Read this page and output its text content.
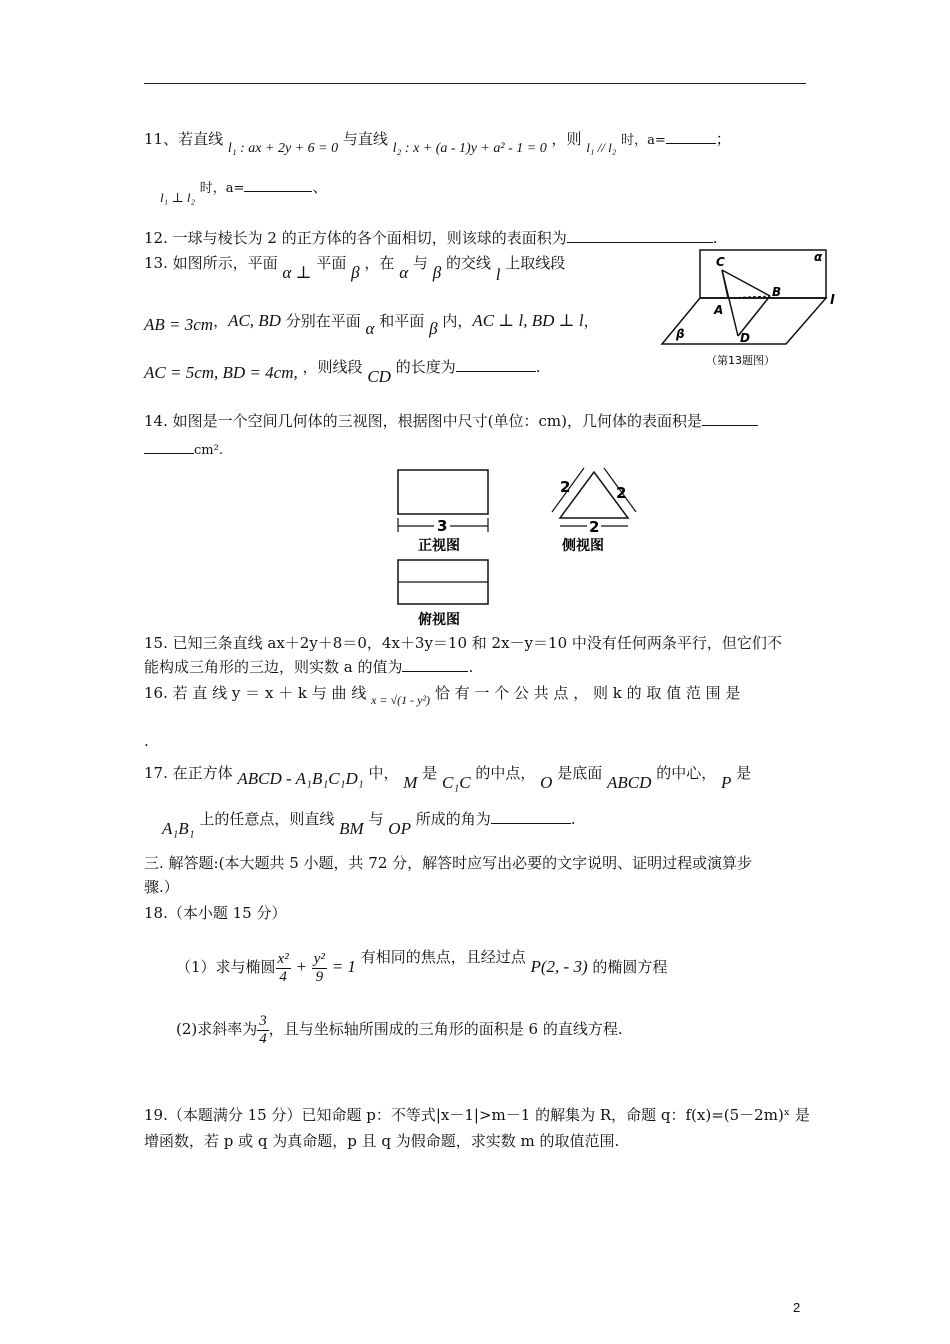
11、若直线 l₁ : ax + 2y + 6 = 0 与直线 l₂ : x + (a - 1)y + a² - 1 = 0 ，则 l₁ // l₂ 时，a=	；
l₁ ⊥ l₂ 时，a=	、
12. 一球与棱长为 2 的正方体的各个面相切，则该球的表面积为	.
13. 如图所示，平面 α ⊥ 平面 β ，在 α 与 β 的交线 l 上取线段
AB = 3cm，AC, BD 分别在平面 α 和平面 β 内，AC ⊥ l, BD ⊥ l，
AC = 5cm, BD = 4cm, ，则线段 CD 的长度为	.
α
β
l
C
B
A
D
（第13题图）
14. 如图是一个空间几何体的三视图，根据图中尺寸(单位：cm)，几何体的表面积是
cm².
3
正视图
2	2
2
侧视图
俯视图
15. 已知三条直线 ax＋2y＋8＝0，4x＋3y＝10 和 2x－y＝10 中没有任何两条平行，但它们不
能构成三角形的三边，则实数 a 的值为	.
16. 若 直 线 y ＝ x ＋ k 与 曲 线 $_{x = √(1 - y^2)}$ 恰 有 一 个 公 共 点 ， 则 k 的 取 值 范 围 是
.
17. 在正方体 ABCD - A₁B₁C₁D₁ 中， M 是 C₁C 的中点， O 是底面 ABCD 的中心， P 是
A₁B₁ 上的任意点，则直线 BM 与 OP 所成的角为	.
三. 解答题:(本大题共 5 小题，共 72 分，解答时应写出必要的文字说明、证明过程或演算步
骤.）
18.（本小题 15 分）
（1）求与椭圆 $\frac{\text{x²}}{4} + \frac{\text{y²}}{9} = 1$ 有相同的焦点，且经过点 P(2, - 3) 的椭圆方程
(2)求斜率为 $\frac{3}{4}$ ，且与坐标轴所围成的三角形的面积是 6 的直线方程.
19.（本题满分 15 分）已知命题 p：不等式|x－1|>m－1 的解集为 R，命题 q：f(x)=(5－2m)ˣ 是
增函数，若 p 或 q 为真命题，p 且 q 为假命题，求实数 m 的取值范围.
2
